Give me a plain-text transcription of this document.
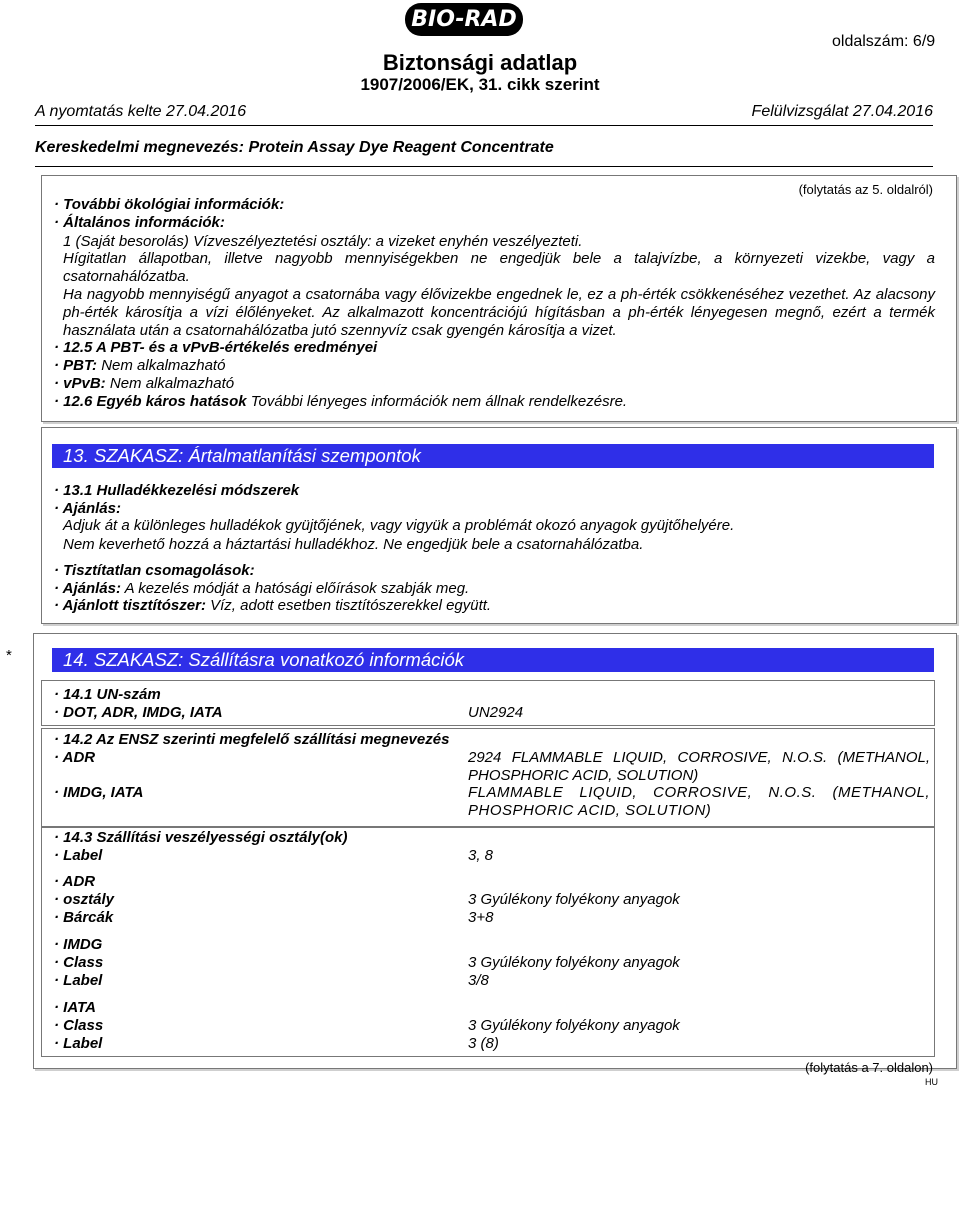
BIO-RAD
oldalszám: 6/9
Biztonsági adatlap
1907/2006/EK, 31. cikk szerint
A nyomtatás kelte 27.04.2016	Felülvizsgálat 27.04.2016
Kereskedelmi megnevezés: Protein Assay Dye Reagent Concentrate
(folytatás az 5. oldalról)
· További ökológiai információk:
· Általános információk:
1 (Saját besorolás) Vízveszélyeztetési osztály: a vizeket enyhén veszélyezteti.
Hígitatlan állapotban, illetve nagyobb mennyiségekben ne engedjük bele a talajvízbe, a környezeti vizekbe, vagy a csatornahálózatba.
Ha nagyobb mennyiségű anyagot a csatornába vagy élővizekbe engednek le, ez a ph-érték csökkenéséhez vezethet. Az alacsony ph-érték károsítja a vízi élőlényeket. Az alkalmazott koncentrációjú hígításban a ph-érték lényegesen megnő, ezért a termék használata után a csatornahálózatba jutó szennyvíz csak gyengén károsítja a vizet.
· 12.5 A PBT- és a vPvB-értékelés eredményei
· PBT: Nem alkalmazható
· vPvB: Nem alkalmazható
· 12.6 Egyéb káros hatások További lényeges információk nem állnak rendelkezésre.
13. SZAKASZ: Ártalmatlanítási szempontok
· 13.1 Hulladékkezelési módszerek
· Ajánlás:
Adjuk át a különleges hulladékok gyüjtőjének, vagy vigyük a problémát okozó anyagok gyüjtőhelyére.
Nem keverhető hozzá a háztartási hulladékhoz. Ne engedjük bele a csatornahálózatba.
· Tisztítatlan csomagolások:
· Ajánlás: A kezelés módját a hatósági előírások szabják meg.
· Ajánlott tisztítószer: Víz, adott esetben tisztítószerekkel együtt.
*	14. SZAKASZ: Szállításra vonatkozó információk
· 14.1 UN-szám
· DOT, ADR, IMDG, IATA	UN2924
· 14.2 Az ENSZ szerinti megfelelő szállítási megnevezés
· ADR	2924 FLAMMABLE LIQUID, CORROSIVE, N.O.S. (METHANOL, PHOSPHORIC ACID, SOLUTION)
· IMDG, IATA	FLAMMABLE LIQUID, CORROSIVE, N.O.S. (METHANOL, PHOSPHORIC ACID, SOLUTION)
· 14.3 Szállítási veszélyességi osztály(ok)
· Label	3, 8
· ADR
· osztály	3 Gyúlékony folyékony anyagok
· Bárcák	3+8
· IMDG
· Class	3 Gyúlékony folyékony anyagok
· Label	3/8
· IATA
· Class	3 Gyúlékony folyékony anyagok
· Label	3 (8)
(folytatás a 7. oldalon)
HU
